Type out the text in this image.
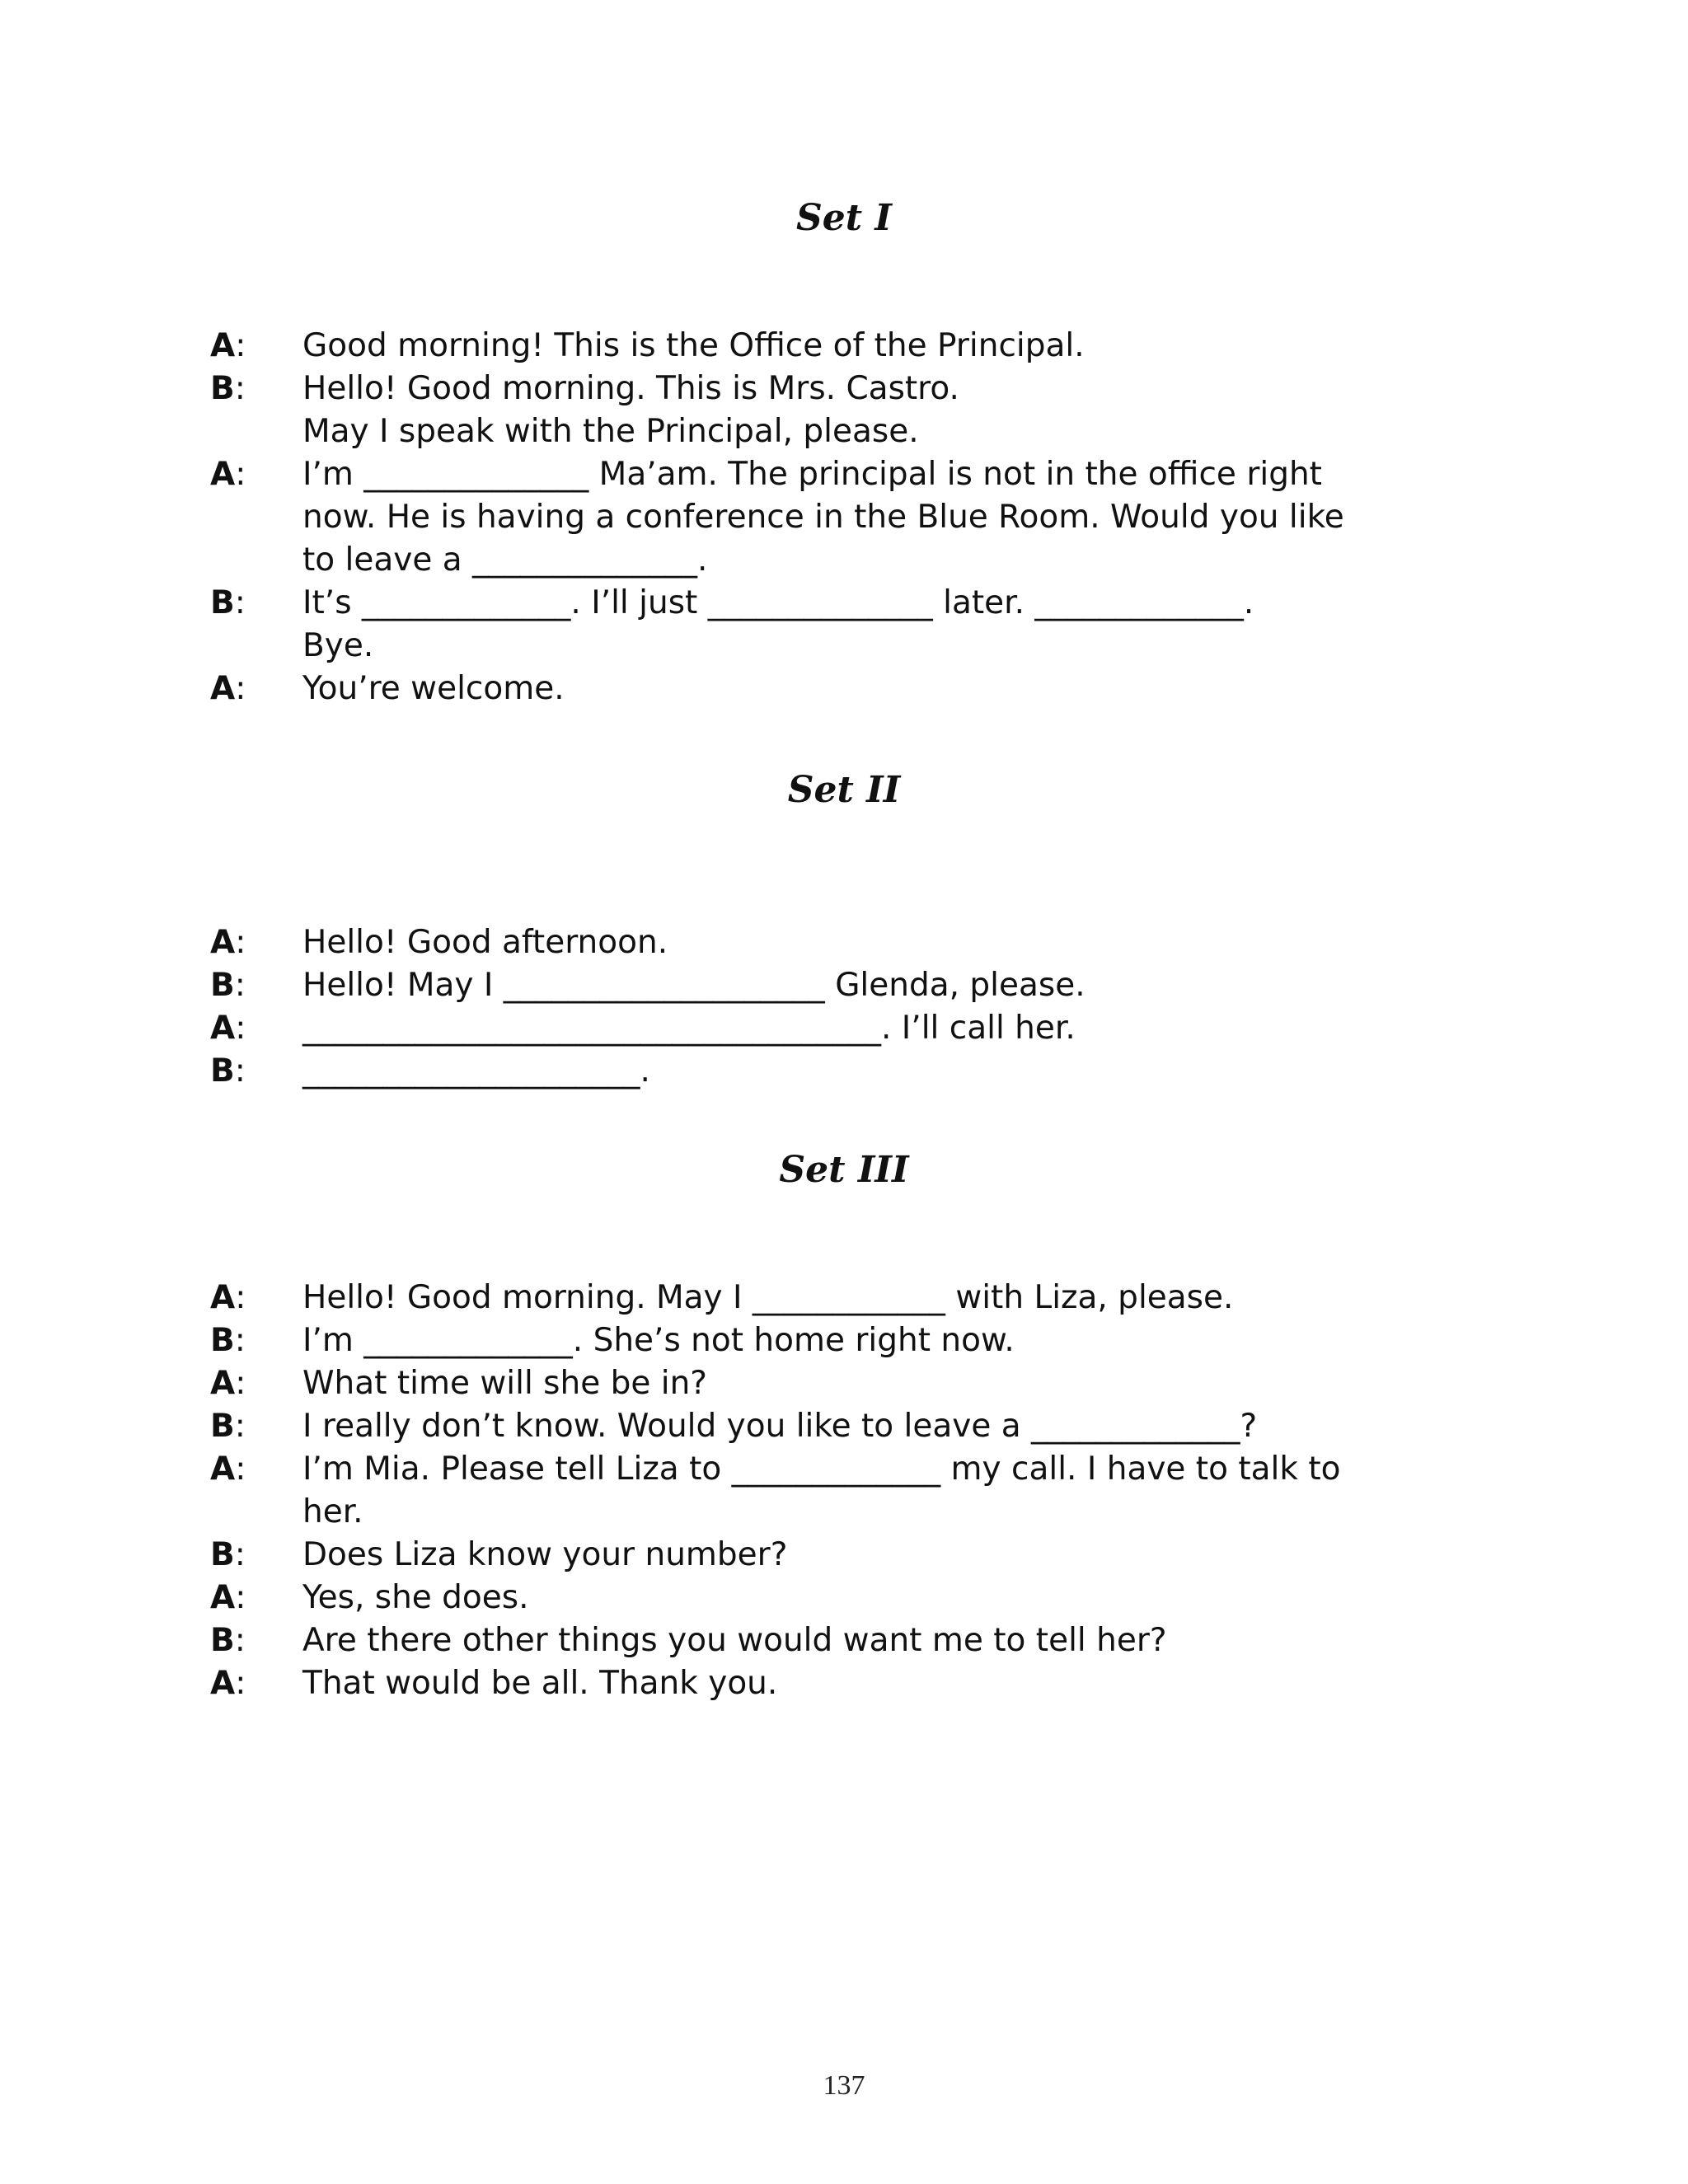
Set I
A:	Good morning! This is the Office of the Principal.
B:	Hello! Good morning. This is Mrs. Castro.
May I speak with the Principal, please.
A:	I’m ______________ Ma’am. The principal is not in the office right
now. He is having a conference in the Blue Room. Would you like
to leave a ______________.
B:	It’s _____________. I’ll just ______________ later. _____________.
Bye.
A:	You’re welcome.
Set II
A:	Hello! Good afternoon.
B:	Hello! May I ____________________ Glenda, please.
A:	____________________________________. I’ll call her.
B:	_____________________.
Set III
A:	Hello! Good morning. May I ____________ with Liza, please.
B:	I’m _____________. She’s not home right now.
A:	What time will she be in?
B:	I really don’t know. Would you like to leave a _____________?
A:	I’m Mia. Please tell Liza to _____________ my call. I have to talk to
her.
B:	Does Liza know your number?
A:	Yes, she does.
B:	Are there other things you would want me to tell her?
A:	That would be all. Thank you.
137
